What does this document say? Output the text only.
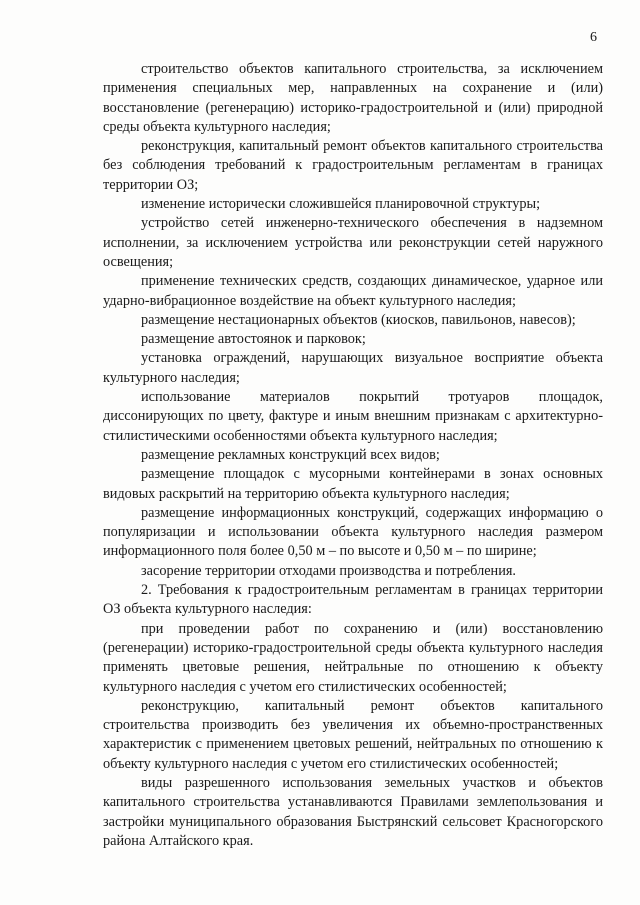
6

строительство объектов капитального строительства, за исключением применения специальных мер, направленных на сохранение и (или) восстановление (регенерацию) историко-градостроительной и (или) природной среды объекта культурного наследия;

реконструкция, капитальный ремонт объектов капитального строительства без соблюдения требований к градостроительным регламентам в границах территории ОЗ;

изменение исторически сложившейся планировочной структуры;

устройство сетей инженерно-технического обеспечения в надземном исполнении, за исключением устройства или реконструкции сетей наружного освещения;

применение технических средств, создающих динамическое, ударное или ударно-вибрационное воздействие на объект культурного наследия;

размещение нестационарных объектов (киосков, павильонов, навесов);

размещение автостоянок и парковок;

установка ограждений, нарушающих визуальное восприятие объекта культурного наследия;

использование материалов покрытий тротуаров площадок, диссонирующих по цвету, фактуре и иным внешним признакам с архитектурно-стилистическими особенностями объекта культурного наследия;

размещение рекламных конструкций всех видов;

размещение площадок с мусорными контейнерами в зонах основных видовых раскрытий на территорию объекта культурного наследия;

размещение информационных конструкций, содержащих информацию о популяризации и использовании объекта культурного наследия размером информационного поля более 0,50 м – по высоте и 0,50 м – по ширине;

засорение территории отходами производства и потребления.

2. Требования к градостроительным регламентам в границах территории ОЗ объекта культурного наследия:

при проведении работ по сохранению и (или) восстановлению (регенерации) историко-градостроительной среды объекта культурного наследия применять цветовые решения, нейтральные по отношению к объекту культурного наследия с учетом его стилистических особенностей;

реконструкцию, капитальный ремонт объектов капитального строительства производить без увеличения их объемно-пространственных характеристик с применением цветовых решений, нейтральных по отношению к объекту культурного наследия с учетом его стилистических особенностей;

виды разрешенного использования земельных участков и объектов капитального строительства устанавливаются Правилами землепользования и застройки муниципального образования Быстрянский сельсовет Красногорского района Алтайского края.
